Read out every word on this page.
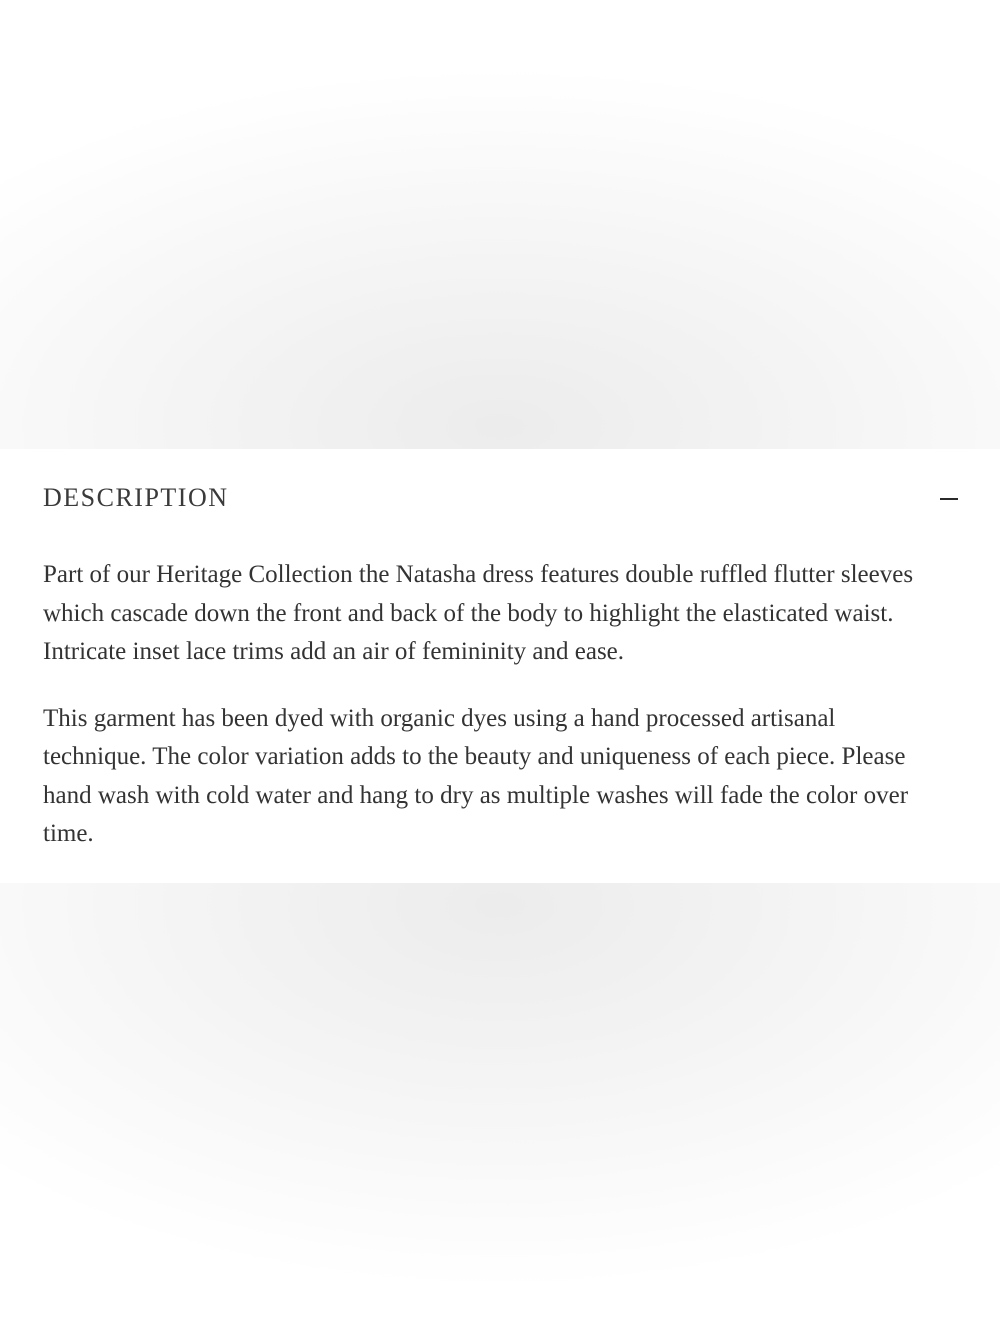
DESCRIPTION

Part of our Heritage Collection the Natasha dress features double ruffled flutter sleeves which cascade down the front and back of the body to highlight the elasticated waist. Intricate inset lace trims add an air of femininity and ease.

This garment has been dyed with organic dyes using a hand processed artisanal technique. The color variation adds to the beauty and uniqueness of each piece. Please hand wash with cold water and hang to dry as multiple washes will fade the color over time.
